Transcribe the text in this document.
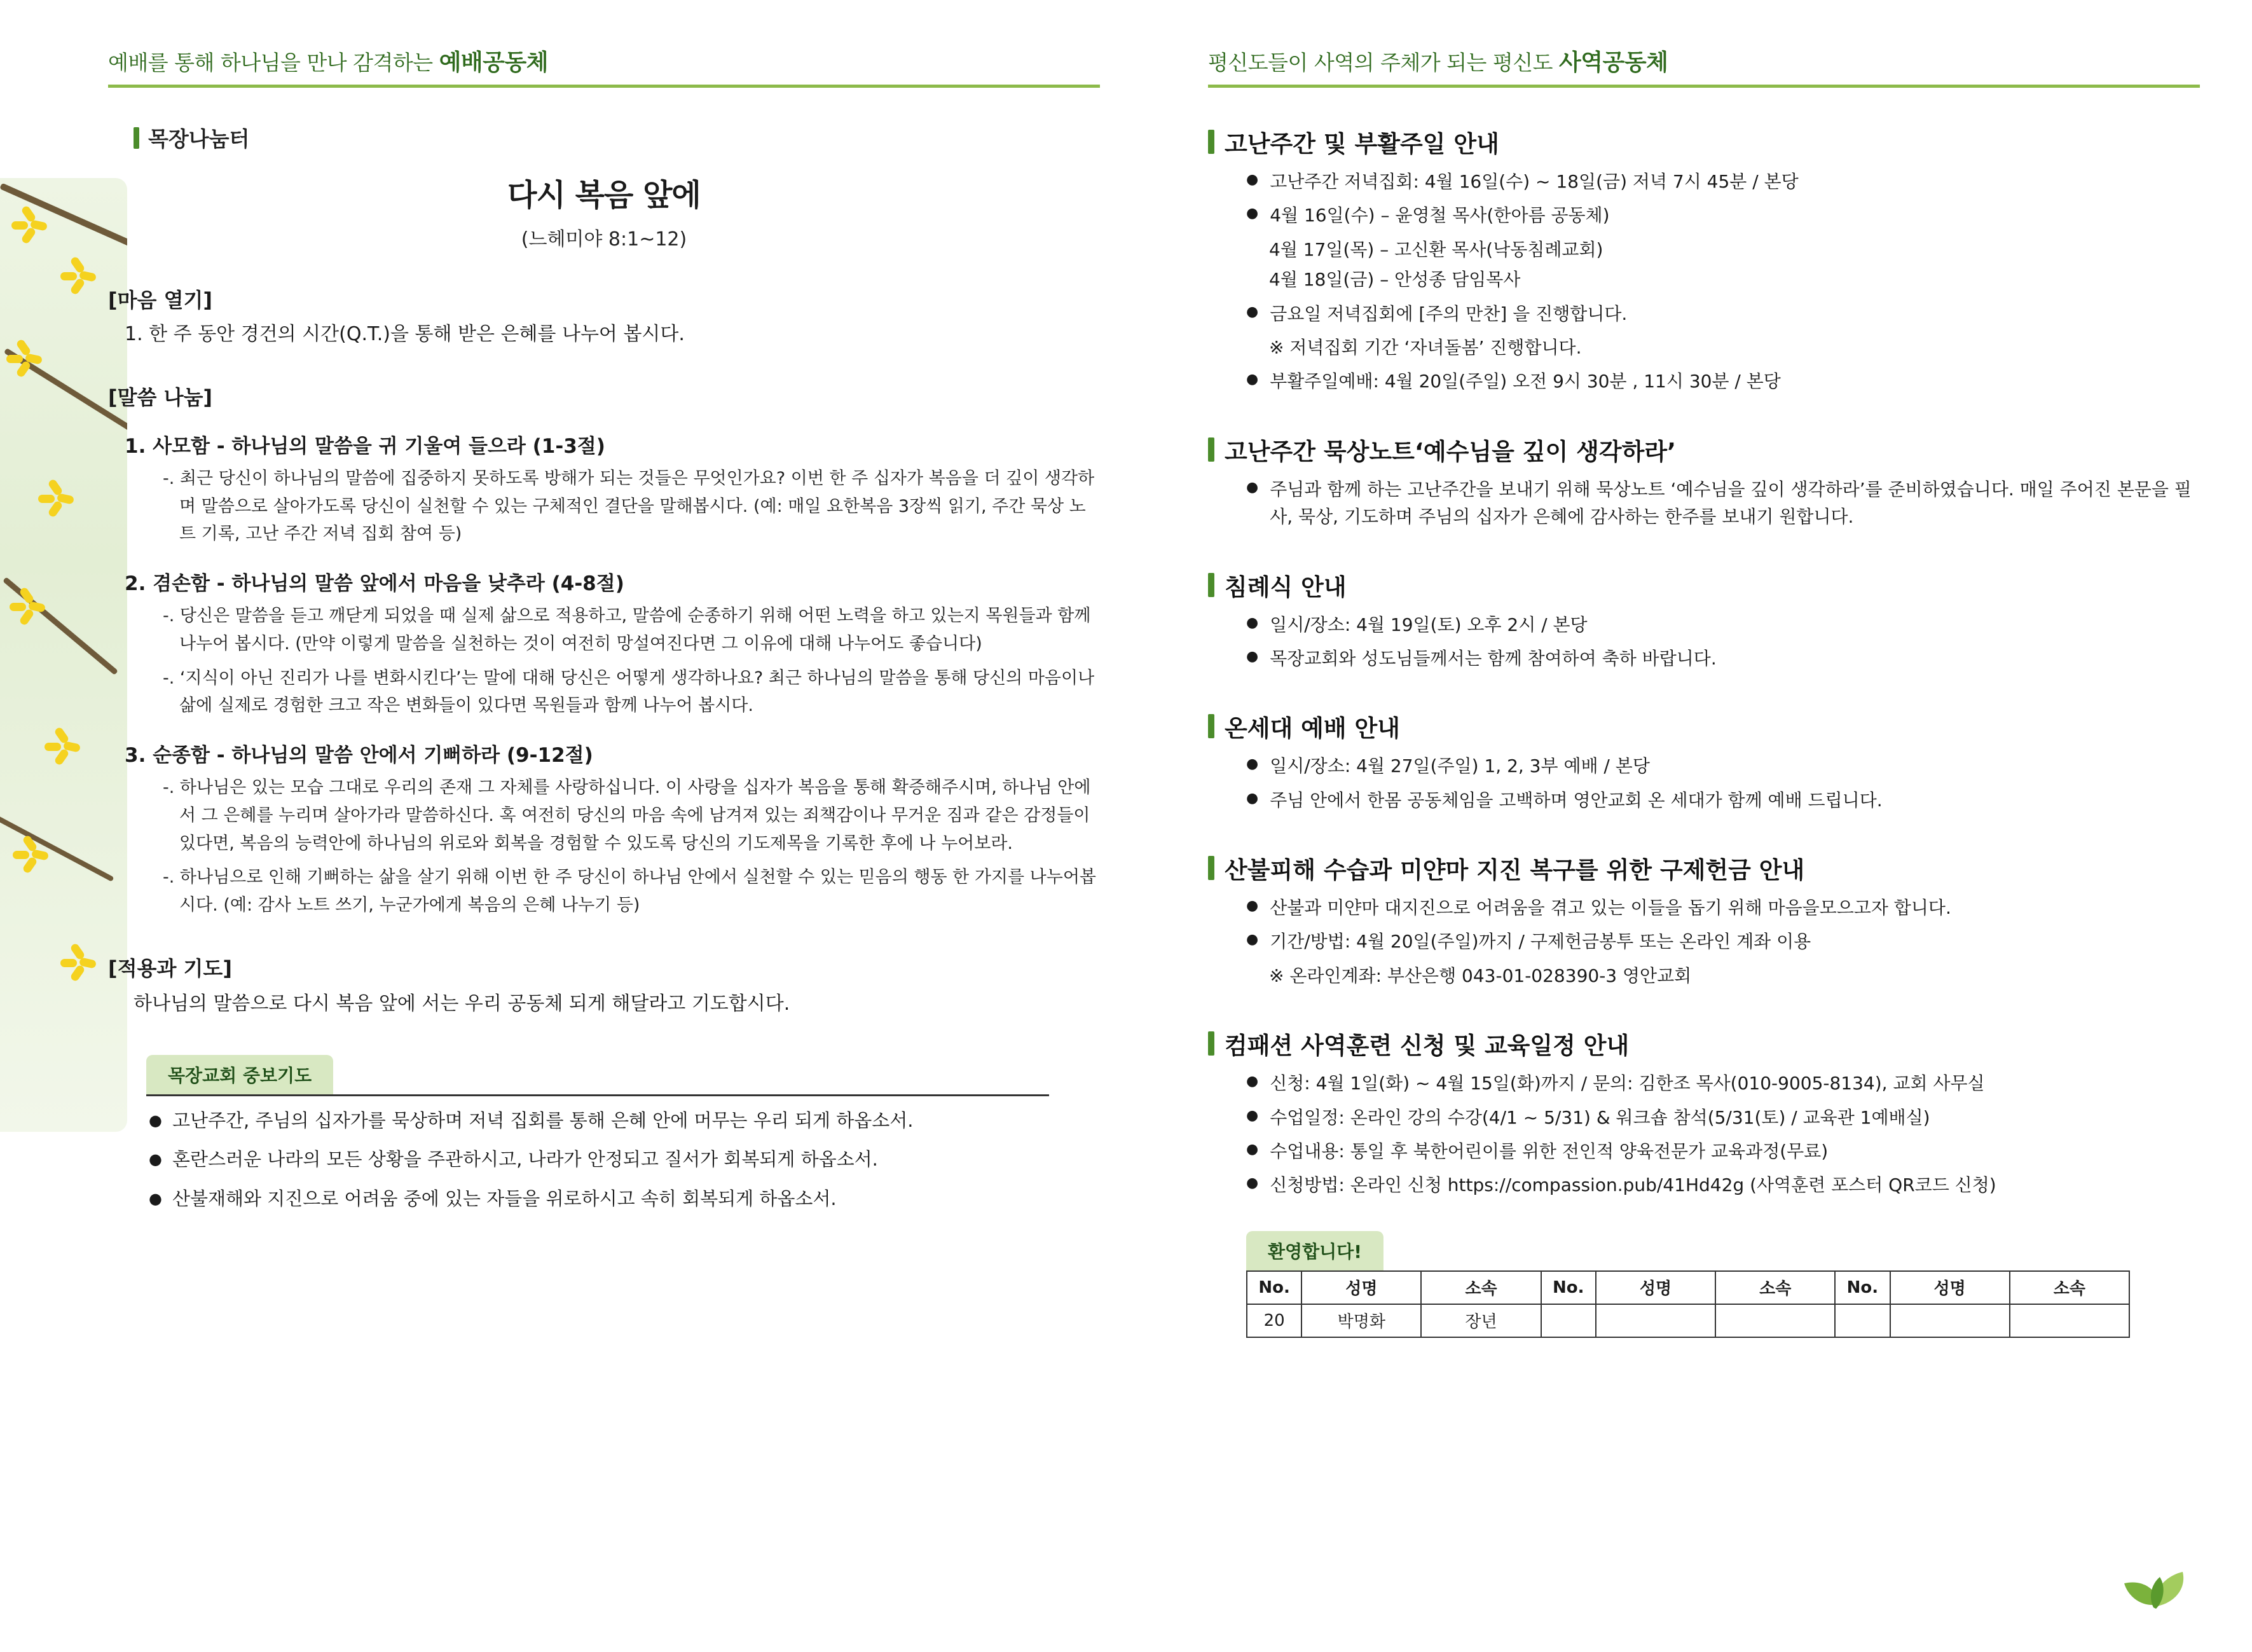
예배를 통해 하나님을 만나 감격하는 예배공동체
목장나눔터
다시 복음 앞에
(느헤미야 8:1~12)
[마음 열기]
1. 한 주 동안 경건의 시간(Q.T.)을 통해 받은 은혜를 나누어 봅시다.
[말씀 나눔]
1. 사모함 - 하나님의 말씀을 귀 기울여 들으라 (1-3절)
-. 최근 당신이 하나님의 말씀에 집중하지 못하도록 방해가 되는 것들은 무엇인가요? 이번 한 주 십자가 복음을 더 깊이 생각하며 말씀으로 살아가도록 당신이 실천할 수 있는 구체적인 결단을 말해봅시다. (예: 매일 요한복음 3장씩 읽기, 주간 묵상 노트 기록, 고난 주간 저녁 집회 참여 등)
2. 겸손함 - 하나님의 말씀 앞에서 마음을 낮추라 (4-8절)
-. 당신은 말씀을 듣고 깨닫게 되었을 때 실제 삶으로 적용하고, 말씀에 순종하기 위해 어떤 노력을 하고 있는지 목원들과 함께 나누어 봅시다. (만약 이렇게 말씀을 실천하는 것이 여전히 망설여진다면 그 이유에 대해 나누어도 좋습니다)
-. ‘지식이 아닌 진리가 나를 변화시킨다’는 말에 대해 당신은 어떻게 생각하나요? 최근 하나님의 말씀을 통해 당신의 마음이나 삶에 실제로 경험한 크고 작은 변화들이 있다면 목원들과 함께 나누어 봅시다.
3. 순종함 - 하나님의 말씀 안에서 기뻐하라 (9-12절)
-. 하나님은 있는 모습 그대로 우리의 존재 그 자체를 사랑하십니다. 이 사랑을 십자가 복음을 통해 확증해주시며, 하나님 안에서 그 은혜를 누리며 살아가라 말씀하신다. 혹 여전히 당신의 마음 속에 남겨져 있는 죄책감이나 무거운 짐과 같은 감정들이 있다면, 복음의 능력안에 하나님의 위로와 회복을 경험할 수 있도록 당신의 기도제목을 기록한 후에 나 누어보라.
-. 하나님으로 인해 기뻐하는 삶을 살기 위해 이번 한 주 당신이 하나님 안에서 실천할 수 있는 믿음의 행동 한 가지를 나누어봅시다. (예: 감사 노트 쓰기, 누군가에게 복음의 은혜 나누기 등)
[적용과 기도]
하나님의 말씀으로 다시 복음 앞에 서는 우리 공동체 되게 해달라고 기도합시다.
목장교회 중보기도
● 고난주간, 주님의 십자가를 묵상하며 저녁 집회를 통해 은혜 안에 머무는 우리 되게 하옵소서.
● 혼란스러운 나라의 모든 상황을 주관하시고, 나라가 안정되고 질서가 회복되게 하옵소서.
● 산불재해와 지진으로 어려움 중에 있는 자들을 위로하시고 속히 회복되게 하옵소서.
평신도들이 사역의 주체가 되는 평신도 사역공동체
고난주간 및 부활주일 안내
● 고난주간 저녁집회: 4월 16일(수) ~ 18일(금) 저녁 7시 45분 / 본당
● 4월 16일(수) – 윤영철 목사(한아름 공동체)
4월 17일(목) – 고신환 목사(낙동침례교회)
4월 18일(금) – 안성종 담임목사
● 금요일 저녁집회에 [주의 만찬] 을 진행합니다.
※ 저녁집회 기간 ‘자녀돌봄’ 진행합니다.
● 부활주일예배: 4월 20일(주일) 오전 9시 30분 , 11시 30분 / 본당
고난주간 묵상노트‘예수님을 깊이 생각하라’
● 주님과 함께 하는 고난주간을 보내기 위해 묵상노트 ‘예수님을 깊이 생각하라’를 준비하였습니다. 매일 주어진 본문을 필사, 묵상, 기도하며 주님의 십자가 은혜에 감사하는 한주를 보내기 원합니다.
침례식 안내
● 일시/장소: 4월 19일(토) 오후 2시 / 본당
● 목장교회와 성도님들께서는 함께 참여하여 축하 바랍니다.
온세대 예배 안내
● 일시/장소: 4월 27일(주일) 1, 2, 3부 예배 / 본당
● 주님 안에서 한몸 공동체임을 고백하며 영안교회 온 세대가 함께 예배 드립니다.
산불피해 수습과 미얀마 지진 복구를 위한 구제헌금 안내
● 산불과 미얀마 대지진으로 어려움을 겪고 있는 이들을 돕기 위해 마음을모으고자 합니다.
● 기간/방법: 4월 20일(주일)까지 / 구제헌금봉투 또는 온라인 계좌 이용
※ 온라인계좌: 부산은행 043-01-028390-3 영안교회
컴패션 사역훈련 신청 및 교육일정 안내
● 신청: 4월 1일(화) ~ 4월 15일(화)까지 / 문의: 김한조 목사(010-9005-8134), 교회 사무실
● 수업일정: 온라인 강의 수강(4/1 ~ 5/31) & 워크숍 참석(5/31(토) / 교육관 1예배실)
● 수업내용: 통일 후 북한어린이를 위한 전인적 양육전문가 교육과정(무료)
● 신청방법: 온라인 신청 https://compassion.pub/41Hd42g (사역훈련 포스터 QR코드 신청)
환영합니다!
No.	성명	소속	No.	성명	소속	No.	성명	소속
20	박명화	장년						
